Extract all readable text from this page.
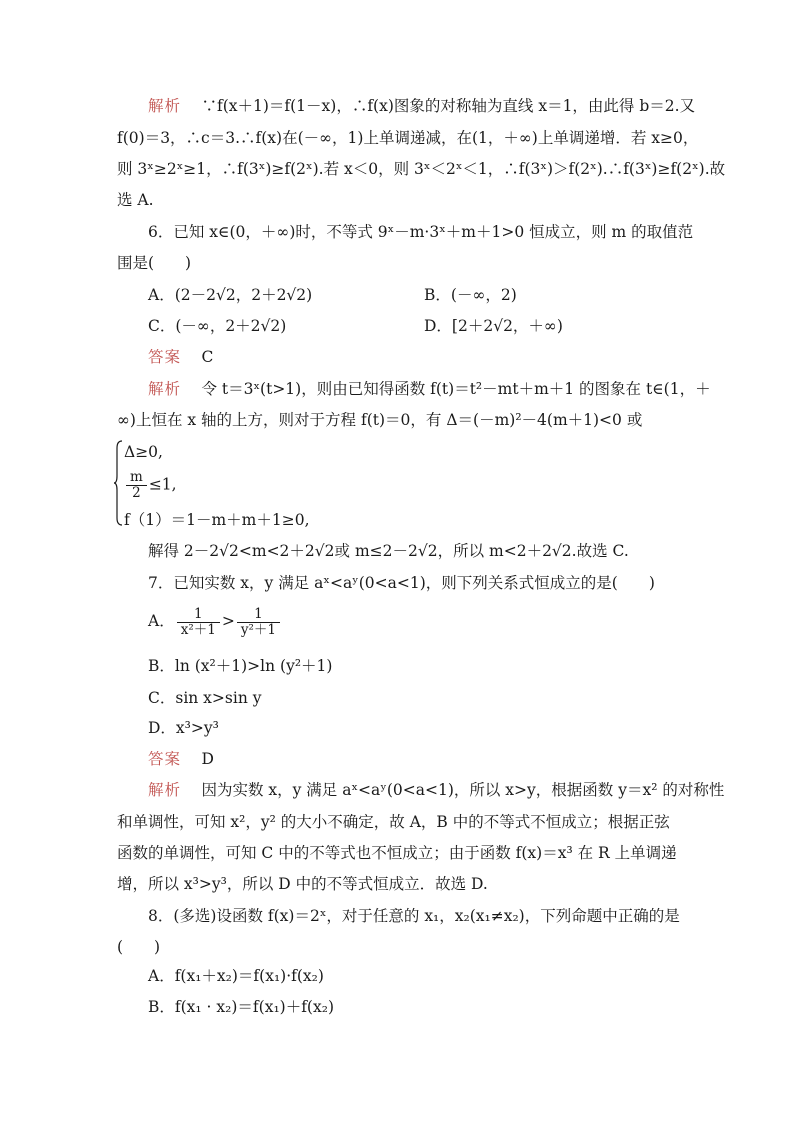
解析　 ∵f(x＋1)＝f(1－x)，∴f(x)图象的对称轴为直线 x＝1，由此得 b＝2.又
f(0)＝3，∴c＝3.∴f(x)在(－∞，1)上单调递减，在(1，＋∞)上单调递增．若 x≥0，
则 3ˣ≥2ˣ≥1，∴f(3ˣ)≥f(2ˣ).若 x＜0，则 3ˣ＜2ˣ＜1，∴f(3ˣ)＞f(2ˣ).∴f(3ˣ)≥f(2ˣ).故
选 A.
6．已知 x∈(0，＋∞)时，不等式 9ˣ－m·3ˣ＋m＋1>0 恒成立，则 m 的取值范
围是(　　)
A．(2－2√2，2＋2√2)	B．(－∞，2)
C．(－∞，2＋2√2)	D．[2＋2√2，＋∞)
答案　 C
解析　 令 t＝3ˣ(t>1)，则由已知得函数 f(t)＝t²－mt＋m＋1 的图象在 t∈(1，＋
∞)上恒在 x 轴的上方，则对于方程 f(t)＝0，有 Δ＝(－m)²－4(m＋1)<0 或
Δ≥0,
$\frac{m}{2} \le 1$,
f（1）＝1－m＋m＋1≥0,
解得 2－2√2<m<2＋2√2或 m≤2－2√2，所以 m<2＋2√2.故选 C.
7．已知实数 x，y 满足 aˣ<aʸ(0<a<1)，则下列关系式恒成立的是(　　)
A． $\frac{1}{\text{x²＋1}} > \frac{1}{\text{y²＋1}}$
B．ln (x²＋1)>ln (y²＋1)
C．sin x>sin y
D．x³>y³
答案　 D
解析　 因为实数 x，y 满足 aˣ<aʸ(0<a<1)，所以 x>y，根据函数 y＝x² 的对称性
和单调性，可知 x²，y² 的大小不确定，故 A，B 中的不等式不恒成立；根据正弦
函数的单调性，可知 C 中的不等式也不恒成立；由于函数 f(x)＝x³ 在 R 上单调递
增，所以 x³>y³，所以 D 中的不等式恒成立．故选 D.
8．(多选)设函数 f(x)＝2ˣ，对于任意的 x₁，x₂(x₁≠x₂)，下列命题中正确的是
(　　)
A．f(x₁＋x₂)＝f(x₁)·f(x₂)
B．f(x₁ · x₂)＝f(x₁)＋f(x₂)
